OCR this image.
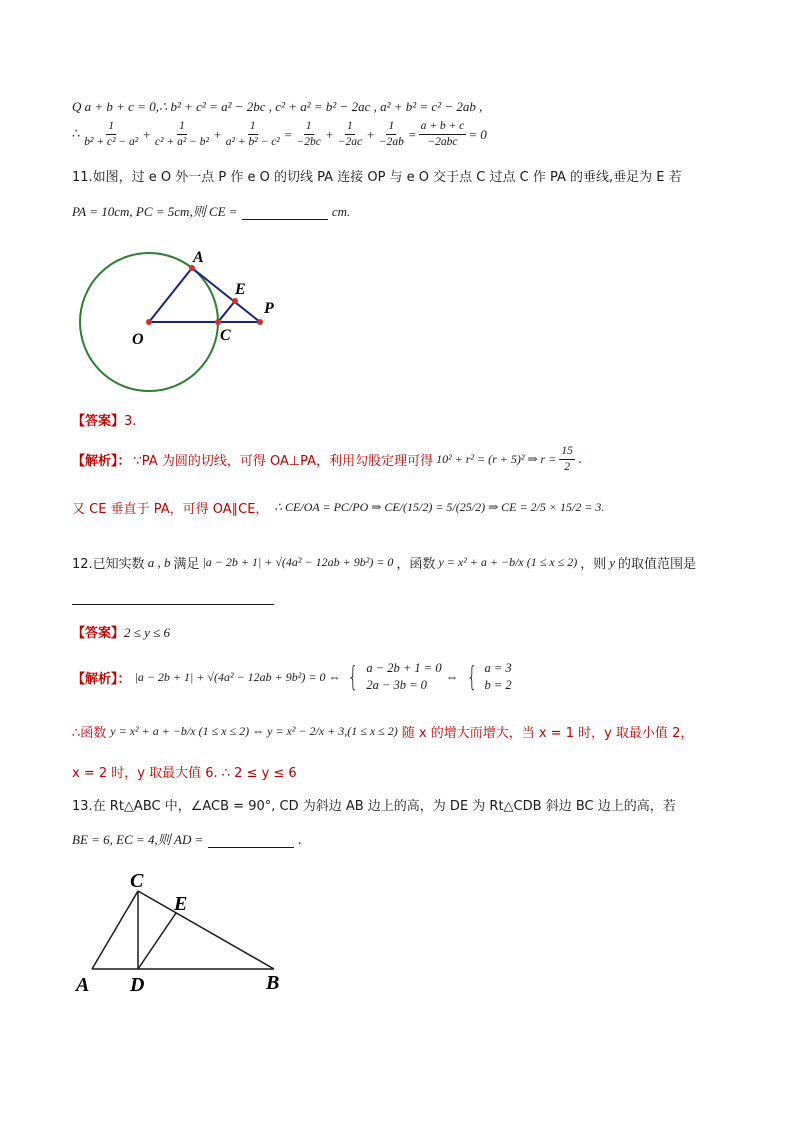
Q a + b + c = 0,∴ b² + c² = a² − 2bc , c² + a² = b² − 2ac , a² + b² = c² − 2ab ,
∴ $\frac{1}{\text{b² + c² − a²}} + \frac{1}{\text{c² + a² − b²}} + \frac{1}{\text{a² + b² − c²}} = \frac{1}{-2bc} + \frac{1}{-2ac} + \frac{1}{-2ab} = \frac{a + b + c}{\text{−2abc}} = 0$
11.如图，过 e O 外一点 P 作 e O 的切线 PA 连接 OP 与 e O 交于点 C 过点 C 作 PA 的垂线,垂足为 E 若
PA = 10cm, PC = 5cm,则 CE =	cm.
A
E
P
O	C
【答案】3.
【解析】： ∵PA 为圆的切线，可得 OA⊥PA，利用勾股定理可得 10² + r² = (r + 5)² ⇒ $r = \frac{15}{2}$ .
又 CE 垂直于 PA，可得 OA∥CE， ∴ CE/OA = PC/PO ⇒ CE/(15/2) = 5/(25/2) ⇒ CE = 2/5 × 15/2 = 3.
12.已知实数 a , b 满足 |a − 2b + 1| + √(4a² − 12ab + 9b²) = 0 ，函数 y = x² + a + −b/x (1 ≤ x ≤ 2) ，则 y 的取值范围是
【答案】2 ≤ y ≤ 6
【解析】： |a − 2b + 1| + √(4a² − 12ab + 9b²) = 0 ⇔ { a − 2b + 1 = 0
2a − 3b = 0
⇔ { a = 3
b = 2
∴函数 y = x² + a + −b/x (1 ≤ x ≤ 2) ⇔ y = x² − 2/x + 3,(1 ≤ x ≤ 2) 随 x 的增大而增大，当 x = 1 时，y 取最小值 2，
x = 2 时，y 取最大值 6. ∴ 2 ≤ y ≤ 6
13.在 Rt△ABC 中，∠ACB = 90°, CD 为斜边 AB 边上的高，为 DE 为 Rt△CDB 斜边 BC 边上的高，若
BE = 6, EC = 4,则 AD =	.
C
E
A D	B
